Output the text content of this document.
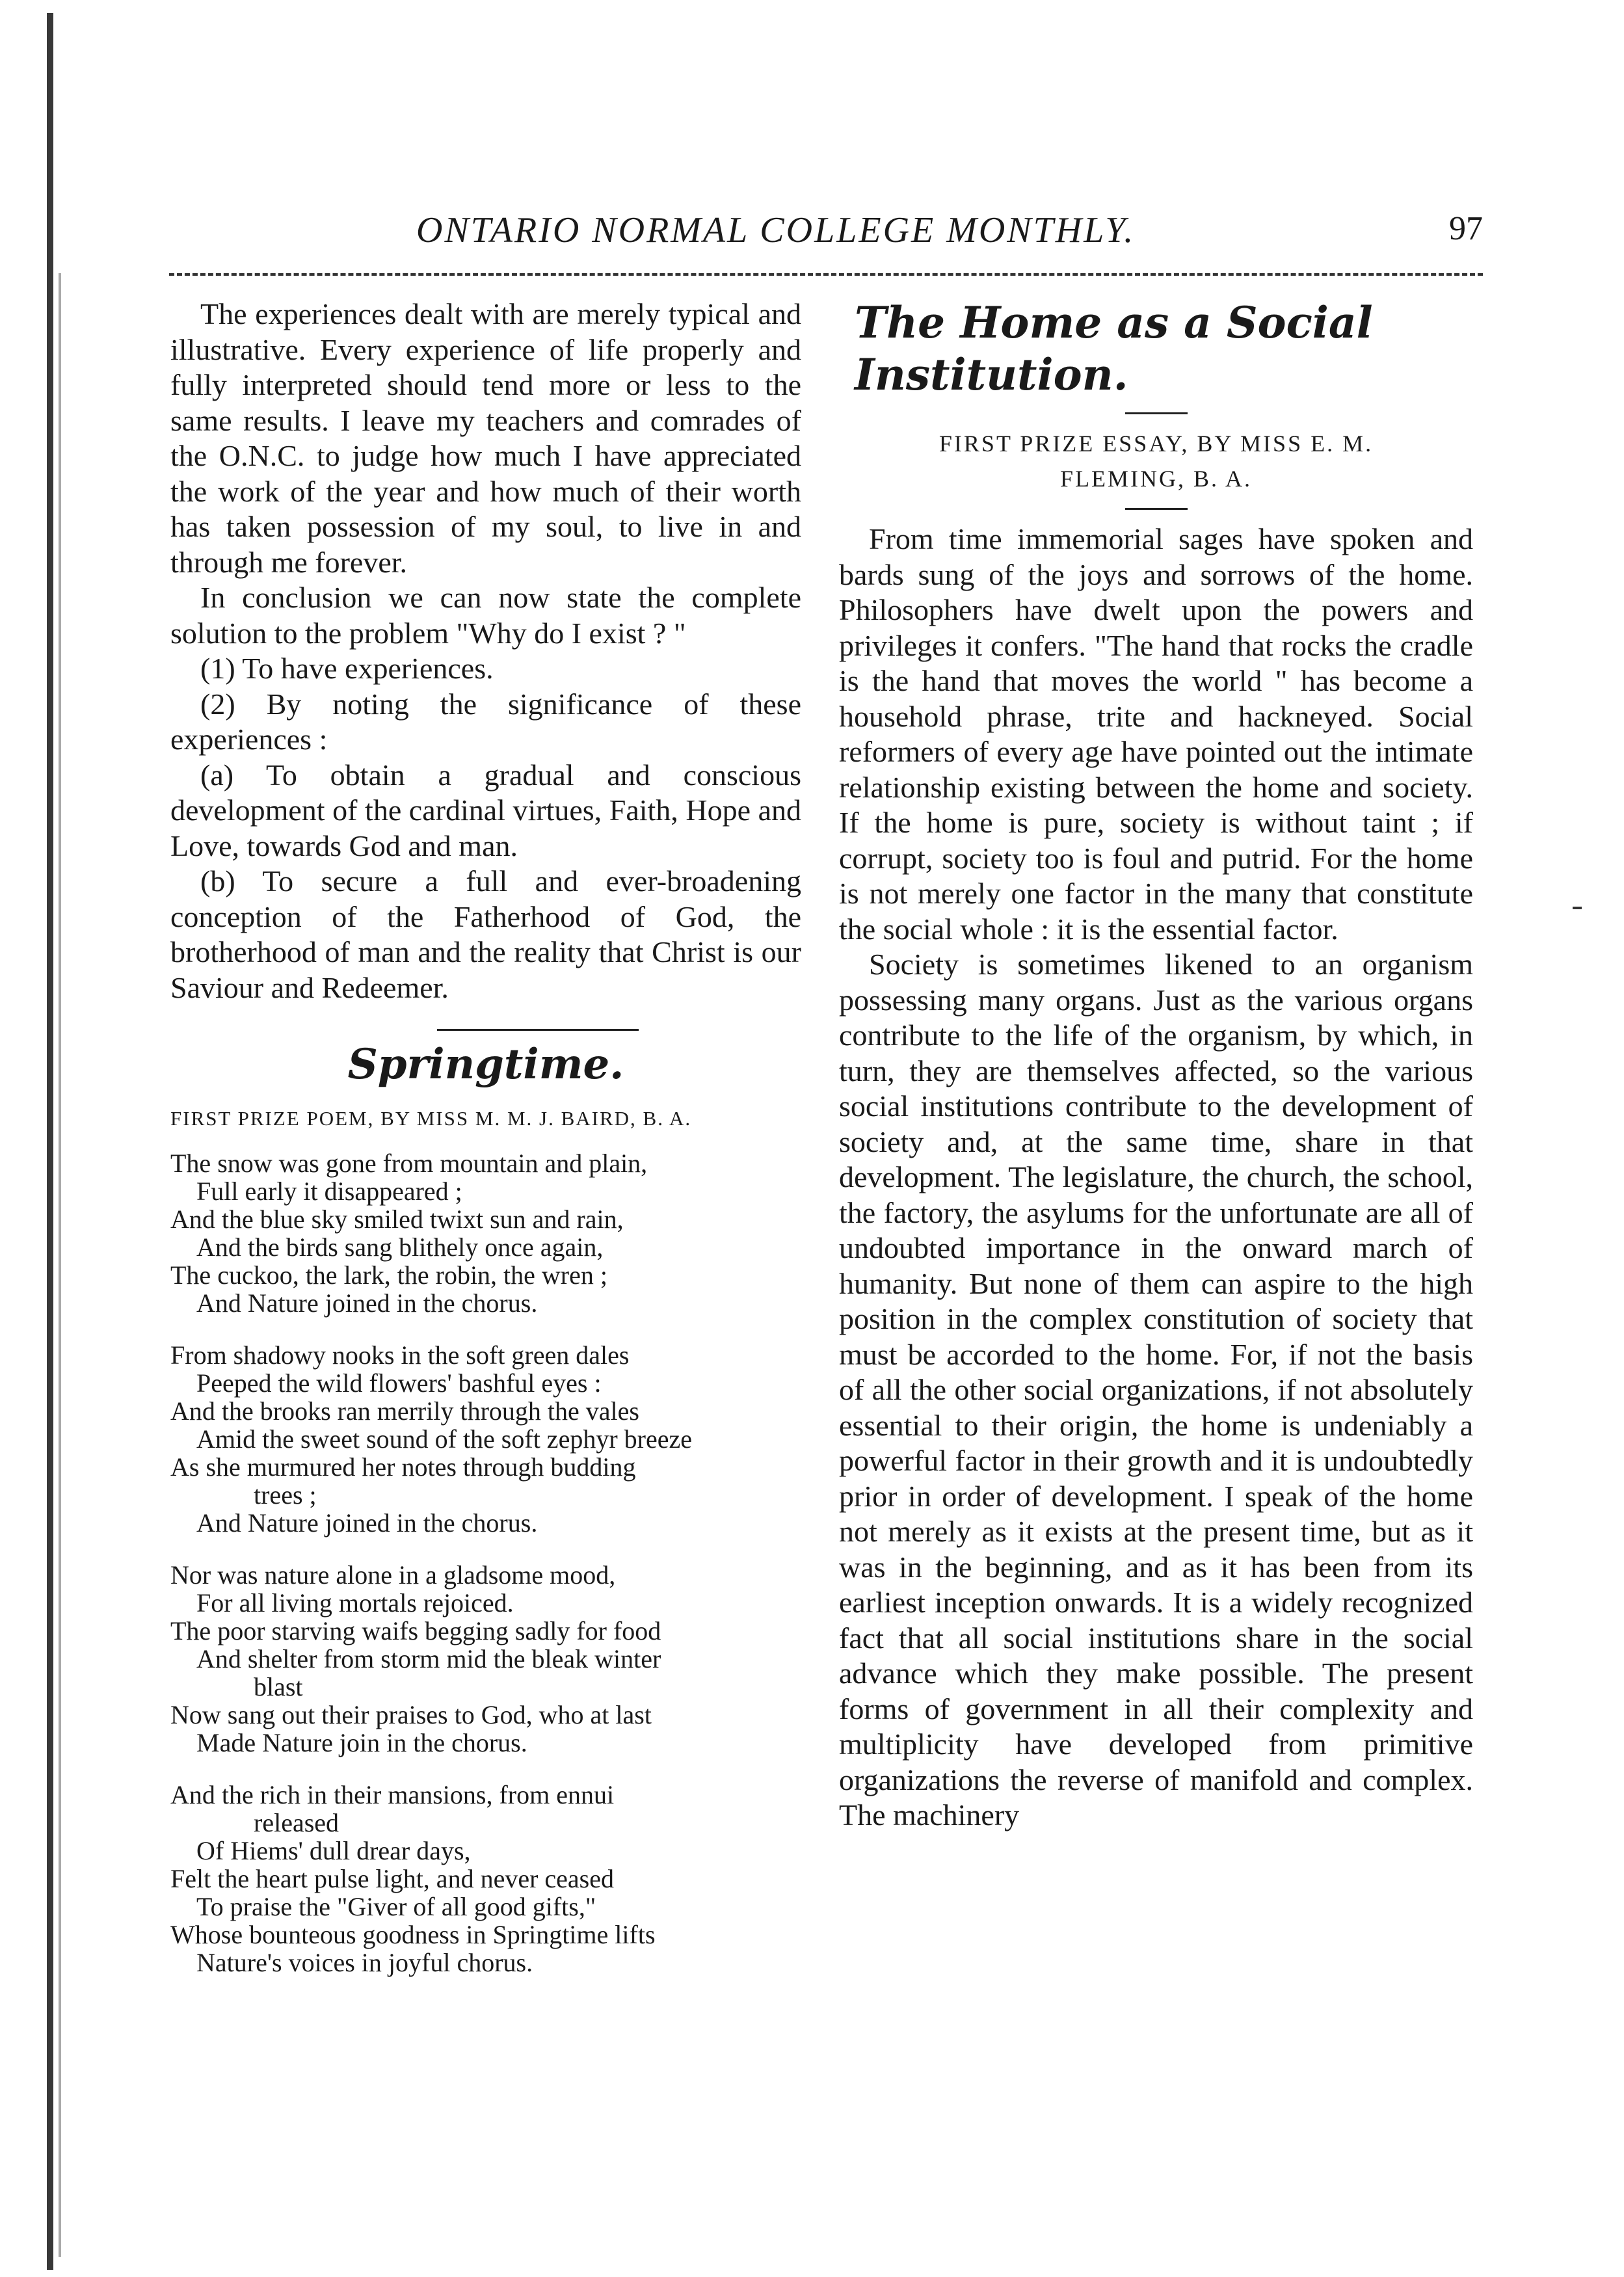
ONTARIO NORMAL COLLEGE MONTHLY.	97

The experiences dealt with are merely typical and illustrative. Every experience of life properly and fully interpreted should tend more or less to the same results. I leave my teachers and comrades of the O.N.C. to judge how much I have appreciated the work of the year and how much of their worth has taken possession of my soul, to live in and through me forever.

In conclusion we can now state the complete solution to the problem "Why do I exist ? "

(1) To have experiences.

(2) By noting the significance of these experiences :

(a) To obtain a gradual and conscious development of the cardinal virtues, Faith, Hope and Love, towards God and man.

(b) To secure a full and ever-broadening conception of the Fatherhood of God, the brotherhood of man and the reality that Christ is our Saviour and Redeemer.

Springtime.
FIRST PRIZE POEM, BY MISS M. M. J. BAIRD, B. A.
The snow was gone from mountain and plain,
Full early it disappeared ;
And the blue sky smiled twixt sun and rain,
And the birds sang blithely once again,
The cuckoo, the lark, the robin, the wren ;
And Nature joined in the chorus.
From shadowy nooks in the soft green dales
Peeped the wild flowers' bashful eyes :
And the brooks ran merrily through the vales
Amid the sweet sound of the soft zephyr breeze
As she murmured her notes through budding
trees ;
And Nature joined in the chorus.
Nor was nature alone in a gladsome mood,
For all living mortals rejoiced.
The poor starving waifs begging sadly for food
And shelter from storm mid the bleak winter
blast
Now sang out their praises to God, who at last
Made Nature join in the chorus.
And the rich in their mansions, from ennui
released
Of Hiems' dull drear days,
Felt the heart pulse light, and never ceased
To praise the "Giver of all good gifts,"
Whose bounteous goodness in Springtime lifts
Nature's voices in joyful chorus.
The Home as a Social Institution.
FIRST PRIZE ESSAY, BY MISS E. M.
FLEMING, B. A.

From time immemorial sages have spoken and bards sung of the joys and sorrows of the home. Philosophers have dwelt upon the powers and privileges it confers. "The hand that rocks the cradle is the hand that moves the world " has become a household phrase, trite and hackneyed. Social reformers of every age have pointed out the intimate relationship existing between the home and society. If the home is pure, society is without taint ; if corrupt, society too is foul and putrid. For the home is not merely one factor in the many that constitute the social whole : it is the essential factor.

Society is sometimes likened to an organism possessing many organs. Just as the various organs contribute to the life of the organism, by which, in turn, they are themselves affected, so the various social institutions contribute to the development of society and, at the same time, share in that development. The legislature, the church, the school, the factory, the asylums for the unfortunate are all of undoubted importance in the onward march of humanity. But none of them can aspire to the high position in the complex constitution of society that must be accorded to the home. For, if not the basis of all the other social organizations, if not absolutely essential to their origin, the home is undeniably a powerful factor in their growth and it is undoubtedly prior in order of development. I speak of the home not merely as it exists at the present time, but as it was in the beginning, and as it has been from its earliest inception onwards. It is a widely recognized fact that all social institutions share in the social advance which they make possible. The present forms of government in all their complexity and multiplicity have developed from primitive organizations the reverse of manifold and complex. The machinery
